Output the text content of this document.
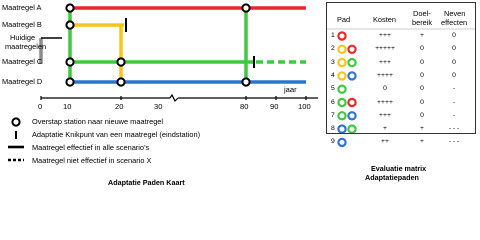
Maatregel A
Maatregel B
Maatregel C
Maatregel D
Huidige
maatregelen
0	10	20	30	80	90	100
jaar
Overstap station naar nieuwe maatregel
Adaptatie Knikpunt van een maatregel (eindstation)
Maatregel effectief in alle scenario’s
Maatregel niet effectief in scenario X
Adaptatie Paden Kaart
Pad	Kosten
Doel-
bereik
Neven
effecten
1	+++	+	0
2	+++++	0	0
3	+++	0	0
4	++++	0	0
5	0	0	-
6	++++	0	-
7	+++	0	-
8	+	+	- - -
9	++	+	- - -
Evaluatie matrix
Adaptatiepaden
